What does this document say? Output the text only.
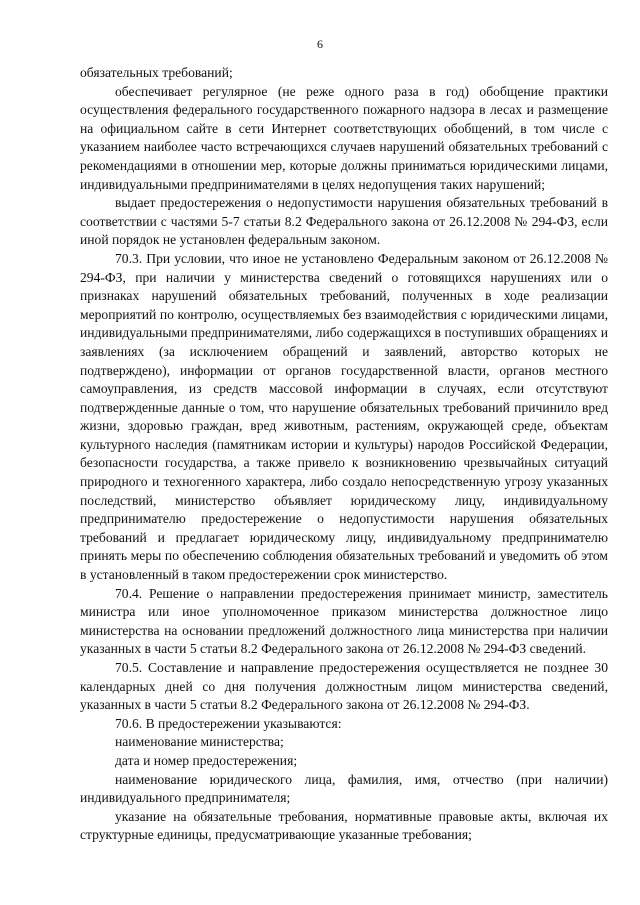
6

обязательных требований;

обеспечивает регулярное (не реже одного раза в год) обобщение практики осуществления федерального государственного пожарного надзора в лесах и размещение на официальном сайте в сети Интернет соответствующих обобщений, в том числе с указанием наиболее часто встречающихся случаев нарушений обязательных требований с рекомендациями в отношении мер, которые должны приниматься юридическими лицами, индивидуальными предпринимателями в целях недопущения таких нарушений;

выдает предостережения о недопустимости нарушения обязательных требований в соответствии с частями 5-7 статьи 8.2 Федерального закона от 26.12.2008 № 294-ФЗ, если иной порядок не установлен федеральным законом.

70.3. При условии, что иное не установлено Федеральным законом от 26.12.2008 № 294-ФЗ, при наличии у министерства сведений о готовящихся нарушениях или о признаках нарушений обязательных требований, полученных в ходе реализации мероприятий по контролю, осуществляемых без взаимодействия с юридическими лицами, индивидуальными предпринимателями, либо содержащихся в поступивших обращениях и заявлениях (за исключением обращений и заявлений, авторство которых не подтверждено), информации от органов государственной власти, органов местного самоуправления, из средств массовой информации в случаях, если отсутствуют подтвержденные данные о том, что нарушение обязательных требований причинило вред жизни, здоровью граждан, вред животным, растениям, окружающей среде, объектам культурного наследия (памятникам истории и культуры) народов Российской Федерации, безопасности государства, а также привело к возникновению чрезвычайных ситуаций природного и техногенного характера, либо создало непосредственную угрозу указанных последствий, министерство объявляет юридическому лицу, индивидуальному предпринимателю предостережение о недопустимости нарушения обязательных требований и предлагает юридическому лицу, индивидуальному предпринимателю принять меры по обеспечению соблюдения обязательных требований и уведомить об этом в установленный в таком предостережении срок министерство.

70.4. Решение о направлении предостережения принимает министр, заместитель министра или иное уполномоченное приказом министерства должностное лицо министерства на основании предложений должностного лица министерства при наличии указанных в части 5 статьи 8.2 Федерального закона от 26.12.2008 № 294-ФЗ сведений.

70.5. Составление и направление предостережения осуществляется не позднее 30 календарных дней со дня получения должностным лицом министерства сведений, указанных в части 5 статьи 8.2 Федерального закона от 26.12.2008 № 294-ФЗ.

70.6. В предостережении указываются:

наименование министерства;

дата и номер предостережения;

наименование юридического лица, фамилия, имя, отчество (при наличии) индивидуального предпринимателя;

указание на обязательные требования, нормативные правовые акты, включая их структурные единицы, предусматривающие указанные требования;
